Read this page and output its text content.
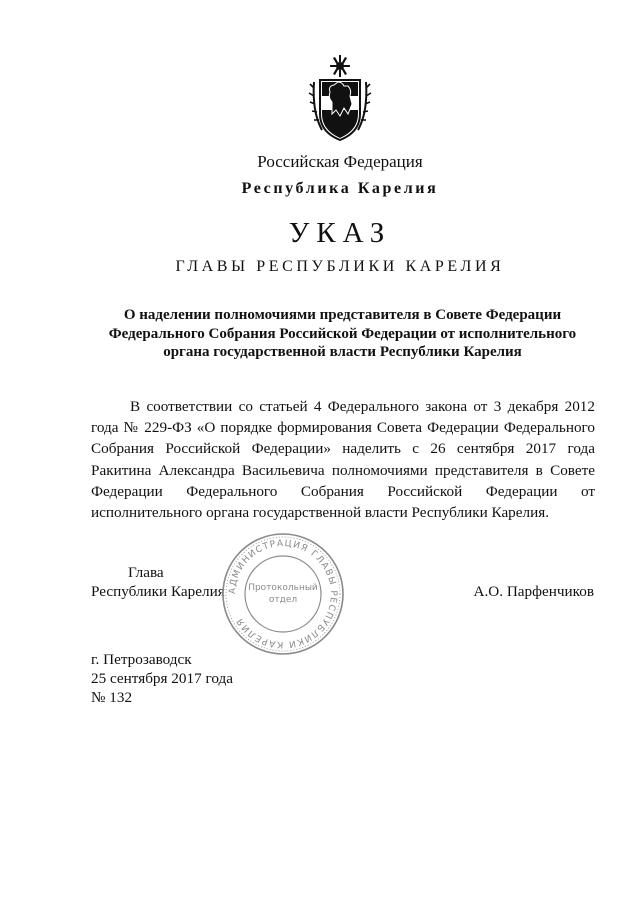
Российская Федерация
Республика Карелия
УКАЗ
ГЛАВЫ РЕСПУБЛИКИ КАРЕЛИЯ
О наделении полномочиями представителя в Совете Федерации
Федерального Собрания Российской Федерации от исполнительного
органа государственной власти Республики Карелия

В соответствии со статьей 4 Федерального закона от 3 декабря 2012 года № 229-ФЗ «О порядке формирования Совета Федерации Федерального Собрания Российской Федерации» наделить с 26 сентября 2017 года Ракитина Александра Васильевича полномочиями представителя в Совете Федерации Федерального Собрания Российской Федерации от исполнительного органа государственной власти Республики Карелия.

Глава
Республики Карелия	А.О. Парфенчиков
АДМИНИСТРАЦИЯ ГЛАВЫ РЕСПУБЛИКИ КАРЕЛИЯ
Протокольный
отдел
г. Петрозаводск
25 сентября 2017 года
№ 132
